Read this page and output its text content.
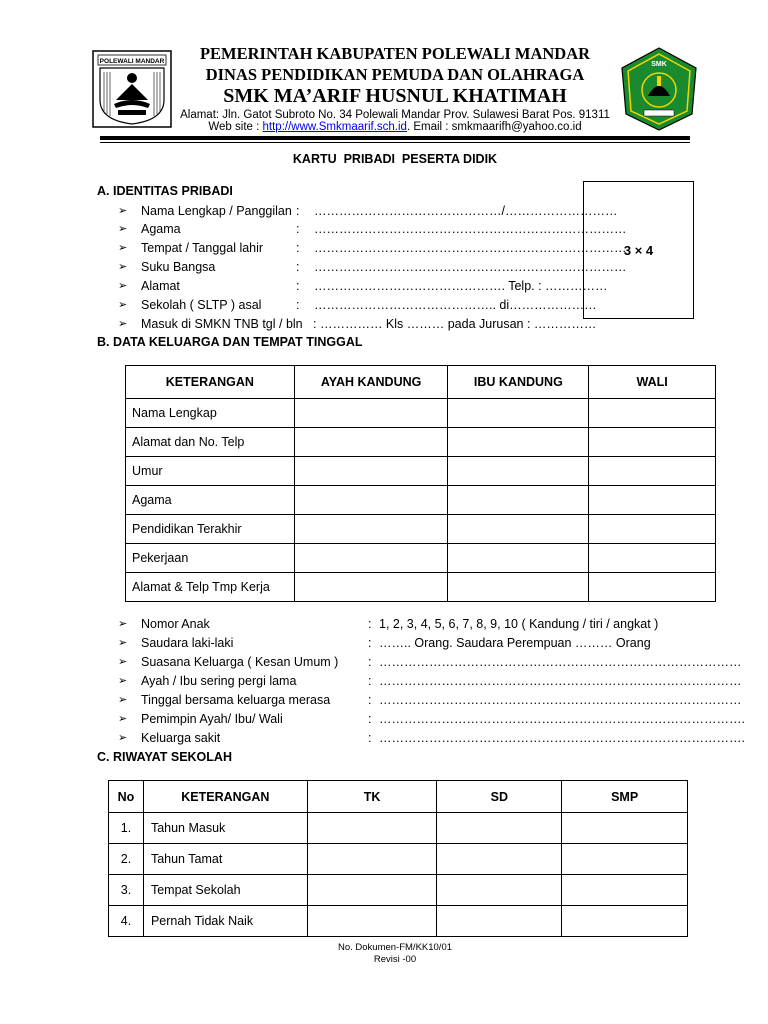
POLEWALI MANDAR	SMK
PEMERINTAH KABUPATEN POLEWALI MANDAR
DINAS PENDIDIKAN PEMUDA DAN OLAHRAGA
SMK MA’ARIF HUSNUL KHATIMAH
Alamat: Jln. Gatot Subroto No. 34 Polewali Mandar Prov. Sulawesi Barat Pos. 91311
Web site : http://www.Smkmaarif.sch.id. Email : smkmaarifh@yahoo.co.id
KARTU  PRIBADI  PESERTA DIDIK
A. IDENTITAS PRIBADI
3 × 4
➢ Nama Lengkap / Panggilan : ………………………………………/………………………
➢ Agama	: …………………………………………………………………
➢ Tempat / Tanggal lahir	: …………………………………………………………………
➢ Suku Bangsa	: …………………………………………………………………
➢ Alamat	: ………………………………………. Telp. : ……………
➢ Sekolah ( SLTP ) asal	: …………………………………….. di…………………
➢ Masuk di SMKN TNB tgl / bln : …………… Kls ……… pada Jurusan : ……………
B. DATA KELUARGA DAN TEMPAT TINGGAL
KETERANGAN	AYAH KANDUNG	IBU KANDUNG	WALI
Nama Lengkap			
Alamat dan No. Telp			
Umur			
Agama			
Pendidikan Terakhir			
Pekerjaan			
Alamat & Telp Tmp Kerja			
➢ Nomor Anak	: 1, 2, 3, 4, 5, 6, 7, 8, 9, 10 ( Kandung / tiri / angkat )
➢ Saudara laki-laki	: …….. Orang. Saudara Perempuan ……… Orang
➢ Suasana Keluarga ( Kesan Umum ) : ……………………………………………………………………………
➢ Ayah / Ibu sering pergi lama	: ……………………………………………………………………………
➢ Tinggal bersama keluarga merasa	: ……………………………………………………………………………
➢ Pemimpin Ayah/ Ibu/ Wali	: …………………………………………………………………………….
➢ Keluarga sakit	: …………………………………………………………………………….
C. RIWAYAT SEKOLAH
No	KETERANGAN	TK	SD	SMP
1.	Tahun Masuk			
2.	Tahun Tamat			
3.	Tempat Sekolah			
4.	Pernah Tidak Naik			
No. Dokumen-FM/KK10/01
Revisi -00
